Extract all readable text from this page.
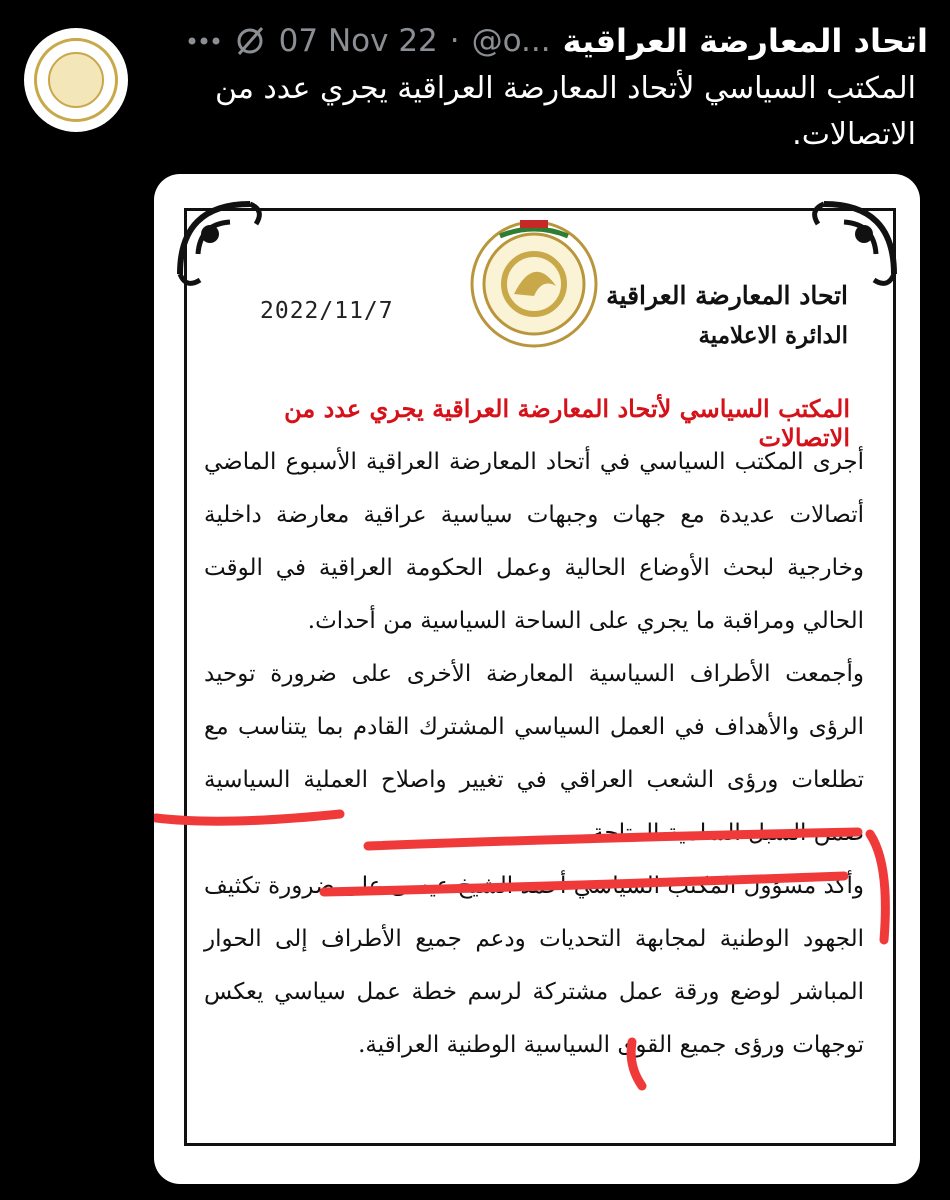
اتحاد المعارضة العراقية
@o...
·
07 Nov 22
المكتب السياسي لأتحاد المعارضة العراقية يجري عدد من الاتصالات.
اتحاد المعارضة العراقية
الدائرة الاعلامية
2022/11/7
المكتب السياسي لأتحاد المعارضة العراقية يجري عدد من الاتصالات

أجرى المكتب السياسي في أتحاد المعارضة العراقية الأسبوع الماضي أتصالات عديدة مع جهات وجبهات سياسية عراقية معارضة داخلية وخارجية لبحث الأوضاع الحالية وعمل الحكومة العراقية في الوقت الحالي ومراقبة ما يجري على الساحة السياسية من أحداث.

وأجمعت الأطراف السياسية المعارضة الأخرى على ضرورة توحيد الرؤى والأهداف في العمل السياسي المشترك القادم بما يتناسب مع تطلعات ورؤى الشعب العراقي في تغيير واصلاح العملية السياسية ضمن السبل السلمية المتاحة.

وأكد مسؤول المكتب السياسي أحمد الشيخ عيسى على ضرورة تكثيف الجهود الوطنية لمجابهة التحديات ودعم جميع الأطراف إلى الحوار المباشر لوضع ورقة عمل مشتركة لرسم خطة عمل سياسي يعكس توجهات ورؤى جميع القوى السياسية الوطنية العراقية.
